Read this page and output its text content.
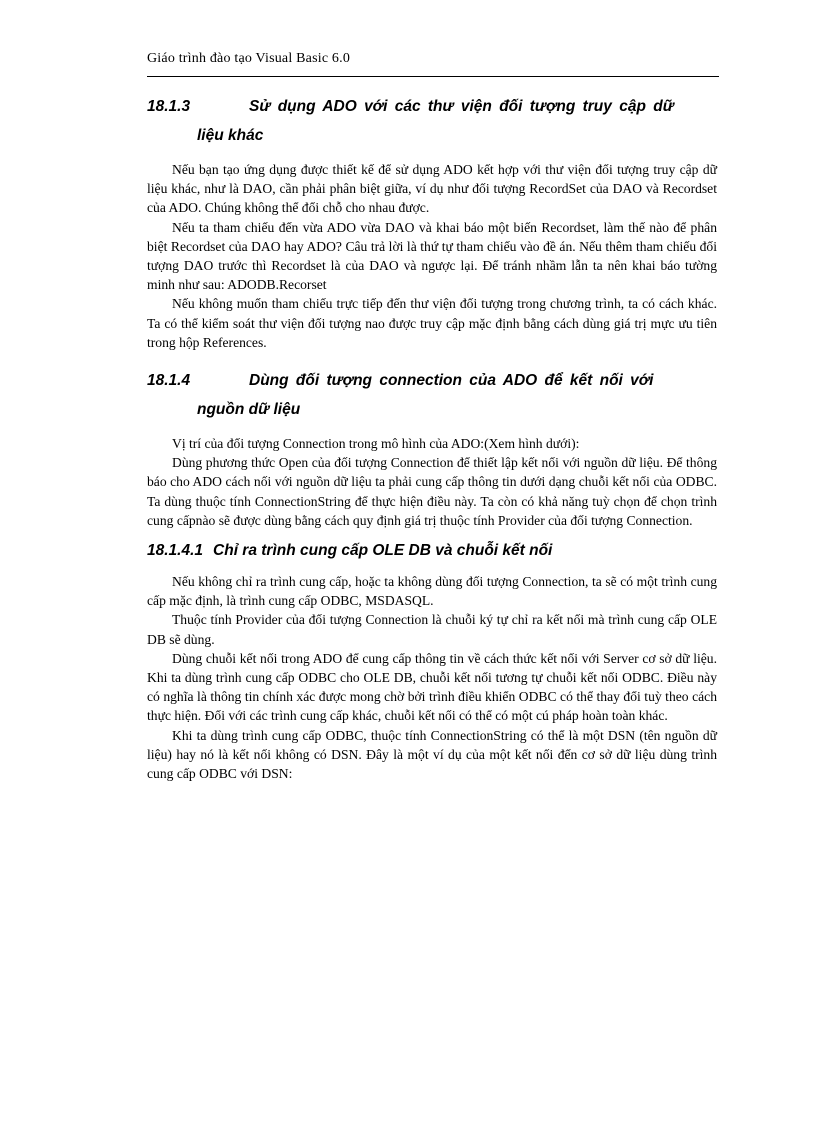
Giáo trình đào tạo Visual Basic 6.0
18.1.3	Sử dụng ADO với các thư viện đối tượng truy cập dữ
liệu khác

Nếu bạn tạo ứng dụng được thiết kế để sử dụng ADO kết hợp với thư viện đối tượng truy cập dữ liệu khác, như là DAO, cần phải phân biệt giữa, ví dụ như đối tượng RecordSet của DAO và Recordset của ADO. Chúng không thể đổi chỗ cho nhau được.

Nếu ta tham chiếu đến vừa ADO vừa DAO và khai báo một biến Recordset, làm thế nào để phân biệt Recordset của DAO hay ADO? Câu trả lời là thứ tự tham chiếu vào đề án. Nếu thêm tham chiếu đối tượng DAO trước thì Recordset là của DAO và ngược lại. Để tránh nhầm lẫn ta nên khai báo tường minh như sau: ADODB.Recorset

Nếu không muốn tham chiếu trực tiếp đến thư viện đối tượng trong chương trình, ta có cách khác. Ta có thể kiểm soát thư viện đối tượng nao được truy cập mặc định bằng cách dùng giá trị mực ưu tiên trong hộp References.

18.1.4	Dùng đối tượng connection của ADO để kết nối với
nguồn dữ liệu

Vị trí của đối tượng Connection trong mô hình của ADO:(Xem hình dưới):

Dùng phương thức Open của đối tượng Connection để thiết lập kết nối với nguồn dữ liệu. Để thông báo cho ADO cách nối với nguồn dữ liệu ta phải cung cấp thông tin dưới dạng chuỗi kết nối của ODBC. Ta dùng thuộc tính ConnectionString để thực hiện điều này. Ta còn có khả năng tuỳ chọn để chọn trình cung cấpnào sẽ được dùng bằng cách quy định giá trị thuộc tính Provider của đối tượng Connection.

18.1.4.1 Chỉ ra trình cung cấp OLE DB và chuỗi kết nối

Nếu không chỉ ra trình cung cấp, hoặc ta không dùng đối tượng Connection, ta sẽ có một trình cung cấp mặc định, là trình cung cấp ODBC, MSDASQL.

Thuộc tính Provider của đối tượng Connection là chuỗi ký tự chỉ ra kết nối mà trình cung cấp OLE DB sẽ dùng.

Dùng chuỗi kết nối trong ADO để cung cấp thông tin về cách thức kết nối với Server cơ sở dữ liệu. Khi ta dùng trình cung cấp ODBC cho OLE DB, chuỗi kết nối tương tự chuỗi kết nối ODBC. Điều này có nghĩa là thông tin chính xác được mong chờ bởi trình điều khiển ODBC có thể thay đổi tuỳ theo cách thực hiện. Đối với các trình cung cấp khác, chuỗi kết nối có thể có một cú pháp hoàn toàn khác.

Khi ta dùng trình cung cấp ODBC, thuộc tính ConnectionString có thể là một DSN (tên nguồn dữ liệu) hay nó là kết nối không có DSN. Đây là một ví dụ của một kết nối đến cơ sở dữ liệu dùng trình cung cấp ODBC với DSN:
